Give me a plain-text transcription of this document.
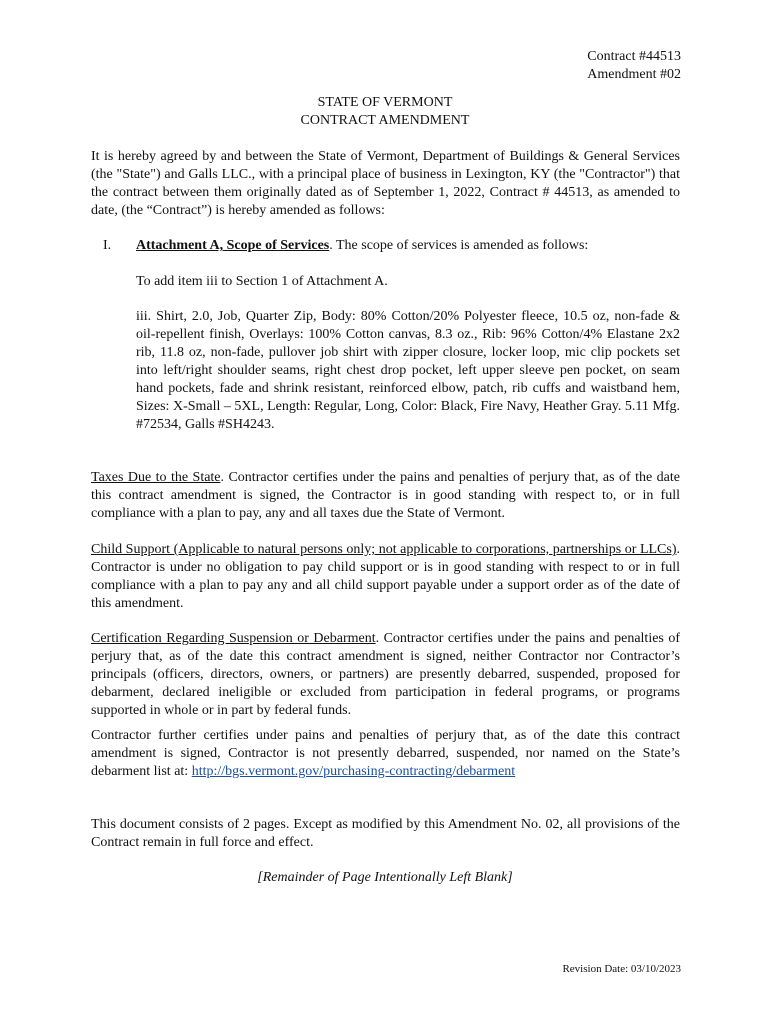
Contract #44513
Amendment #02
STATE OF VERMONT
CONTRACT AMENDMENT
It is hereby agreed by and between the State of Vermont, Department of Buildings & General Services (the "State") and Galls LLC., with a principal place of business in Lexington, KY (the "Contractor") that the contract between them originally dated as of September 1, 2022, Contract # 44513, as amended to date, (the “Contract”) is hereby amended as follows:
I. Attachment A, Scope of Services. The scope of services is amended as follows:
To add item iii to Section 1 of Attachment A.
iii. Shirt, 2.0, Job, Quarter Zip, Body: 80% Cotton/20% Polyester fleece, 10.5 oz, non-fade & oil-repellent finish, Overlays: 100% Cotton canvas, 8.3 oz., Rib: 96% Cotton/4% Elastane 2x2 rib, 11.8 oz, non-fade, pullover job shirt with zipper closure, locker loop, mic clip pockets set into left/right shoulder seams, right chest drop pocket, left upper sleeve pen pocket, on seam hand pockets, fade and shrink resistant, reinforced elbow, patch, rib cuffs and waistband hem, Sizes: X-Small – 5XL, Length: Regular, Long, Color: Black, Fire Navy, Heather Gray. 5.11 Mfg. #72534, Galls #SH4243.
Taxes Due to the State. Contractor certifies under the pains and penalties of perjury that, as of the date this contract amendment is signed, the Contractor is in good standing with respect to, or in full compliance with a plan to pay, any and all taxes due the State of Vermont.
Child Support (Applicable to natural persons only; not applicable to corporations, partnerships or LLCs). Contractor is under no obligation to pay child support or is in good standing with respect to or in full compliance with a plan to pay any and all child support payable under a support order as of the date of this amendment.
Certification Regarding Suspension or Debarment. Contractor certifies under the pains and penalties of perjury that, as of the date this contract amendment is signed, neither Contractor nor Contractor’s principals (officers, directors, owners, or partners) are presently debarred, suspended, proposed for debarment, declared ineligible or excluded from participation in federal programs, or programs supported in whole or in part by federal funds.
Contractor further certifies under pains and penalties of perjury that, as of the date this contract amendment is signed, Contractor is not presently debarred, suspended, nor named on the State’s debarment list at: http://bgs.vermont.gov/purchasing-contracting/debarment
This document consists of 2 pages. Except as modified by this Amendment No. 02, all provisions of the Contract remain in full force and effect.
[Remainder of Page Intentionally Left Blank]
Revision Date: 03/10/2023
